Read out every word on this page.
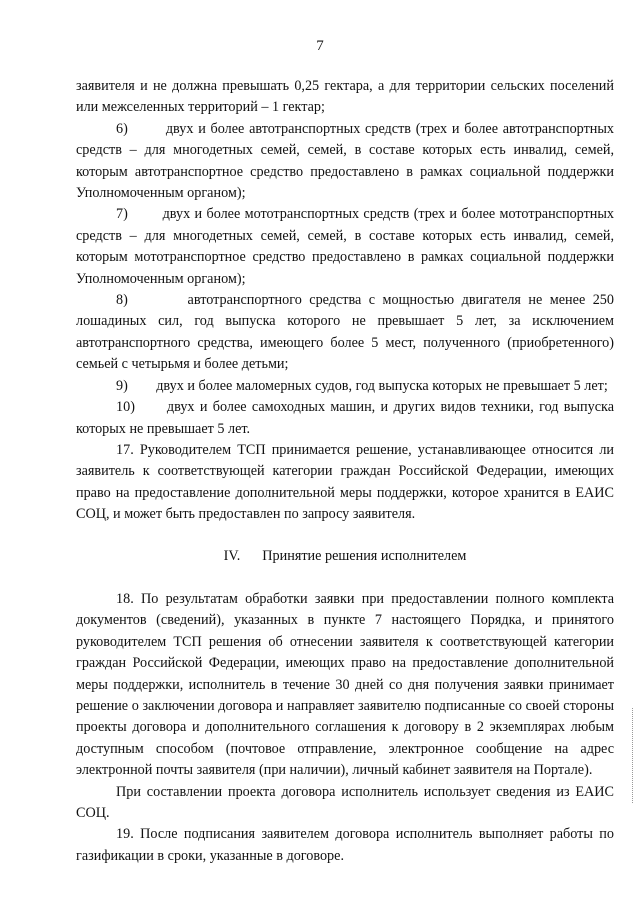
7

заявителя и не должна превышать 0,25 гектара, а для территории сельских поселений или межселенных территорий – 1 гектар;

6)        двух и более автотранспортных средств (трех и более автотранспортных средств – для многодетных семей, семей, в составе которых есть инвалид, семей, которым автотранспортное средство предоставлено в рамках социальной поддержки Уполномоченным органом);

7)        двух и более мототранспортных средств (трех и более мототранспортных средств – для многодетных семей, семей, в составе которых есть инвалид, семей, которым мототранспортное средство предоставлено в рамках социальной поддержки Уполномоченным органом);

8)        автотранспортного средства с мощностью двигателя не менее 250 лошадиных сил, год выпуска которого не превышает 5 лет, за исключением автотранспортного средства, имеющего более 5 мест, полученного (приобретенного) семьей с четырьмя и более детьми;

9)        двух и более маломерных судов, год выпуска которых не превышает 5 лет;

10)      двух и более самоходных машин, и других видов техники, год выпуска которых не превышает 5 лет.

17. Руководителем ТСП принимается решение, устанавливающее относится ли заявитель к соответствующей категории граждан Российской Федерации, имеющих право на предоставление дополнительной меры поддержки, которое хранится в ЕАИС СОЦ, и может быть предоставлен по запросу заявителя.

IV. Принятие решения исполнителем

18. По результатам обработки заявки при предоставлении полного комплекта документов (сведений), указанных в пункте 7 настоящего Порядка, и принятого руководителем ТСП решения об отнесении заявителя к соответствующей категории граждан Российской Федерации, имеющих право на предоставление дополнительной меры поддержки, исполнитель в течение 30 дней со дня получения заявки принимает решение о заключении договора и направляет заявителю подписанные со своей стороны проекты договора и дополнительного соглашения к договору в 2 экземплярах любым доступным способом (почтовое отправление, электронное сообщение на адрес электронной почты заявителя (при наличии), личный кабинет заявителя на Портале).

При составлении проекта договора исполнитель использует сведения из ЕАИС СОЦ.

19. После подписания заявителем договора исполнитель выполняет работы по газификации в сроки, указанные в договоре.
